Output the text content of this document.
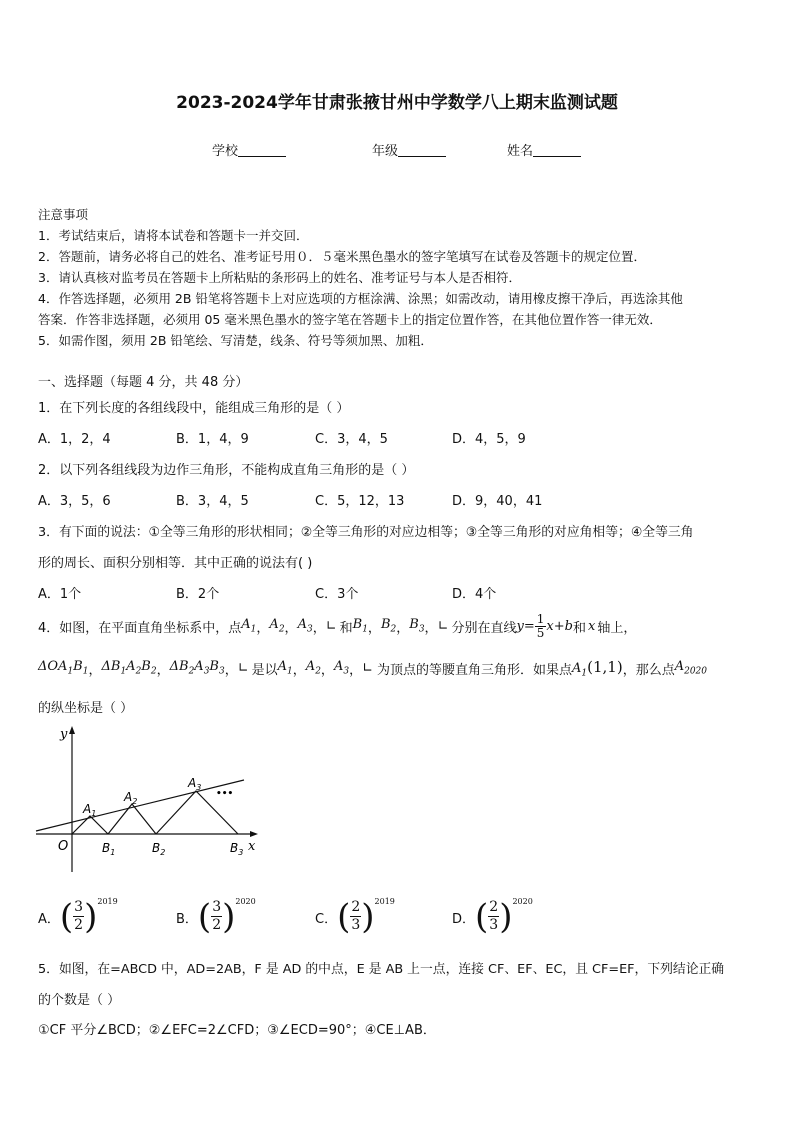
2023-2024学年甘肃张掖甘州中学数学八上期末监测试题
学校	年级	姓名
注意事项
1．考试结束后，请将本试卷和答题卡一并交回．
2．答题前，请务必将自己的姓名、准考证号用０．５毫米黑色墨水的签字笔填写在试卷及答题卡的规定位置．
3．请认真核对监考员在答题卡上所粘贴的条形码上的姓名、准考证号与本人是否相符．
4．作答选择题，必须用 2B 铅笔将答题卡上对应选项的方框涂满、涂黑；如需改动，请用橡皮擦干净后，再选涂其他
答案．作答非选择题，必须用 05 毫米黑色墨水的签字笔在答题卡上的指定位置作答，在其他位置作答一律无效．
5．如需作图，须用 2B 铅笔绘、写清楚，线条、符号等须加黑、加粗．
一、选择题（每题 4 分，共 48 分）
1．在下列长度的各组线段中，能组成三角形的是（ ）
A．1，2，4	B．1，4，9	C．3，4，5	D．4，5，9
2．以下列各组线段为边作三角形，不能构成直角三角形的是（ ）
A．3，5，6	B．3，4，5	C．5，12，13	D．9，40，41
3．有下面的说法：①全等三角形的形状相同；②全等三角形的对应边相等；③全等三角形的对应角相等；④全等三角
形的周长、面积分别相等．其中正确的说法有( )
A．1个	B．2个	C．3个	D．4个
4．如图，在平面直角坐标系中，点 $A_1$ ， $A_2$ ， $A_3$ ， ∟ 和 $B_1$ ， $B_2$ ， $B_3$ ， ∟ 分别在直线 $y = \frac{1}{5}$ x + b 和 x 轴上，
$\Delta OA_1B_1$ ， $\Delta B_1A_2B_2$ ， $\Delta B_2A_3B_3$ ， ∟ 是以 $A_1$ ， $A_2$ ， $A_3$ ， ∟ 为顶点的等腰直角三角形．如果点 $A_1(1,1)$ ，那么点 $A_{2020}$
的纵坐标是（ ）
y
x
O
$A_1$
$A_2$
$A_3$
$B_1$	$B_2$	$B_3$
•••
A． ( 3
2 ) 2019
B． ( 3
2 ) 2020
C． ( 2
3 ) 2019
D． ( 2
3 ) 2020
5．如图，在=ABCD 中，AD=2AB，F 是 AD 的中点，E 是 AB 上一点，连接 CF、EF、EC，且 CF=EF，下列结论正确
的个数是（ ）
①CF 平分∠BCD；②∠EFC=2∠CFD；③∠ECD=90°；④CE⊥AB．
